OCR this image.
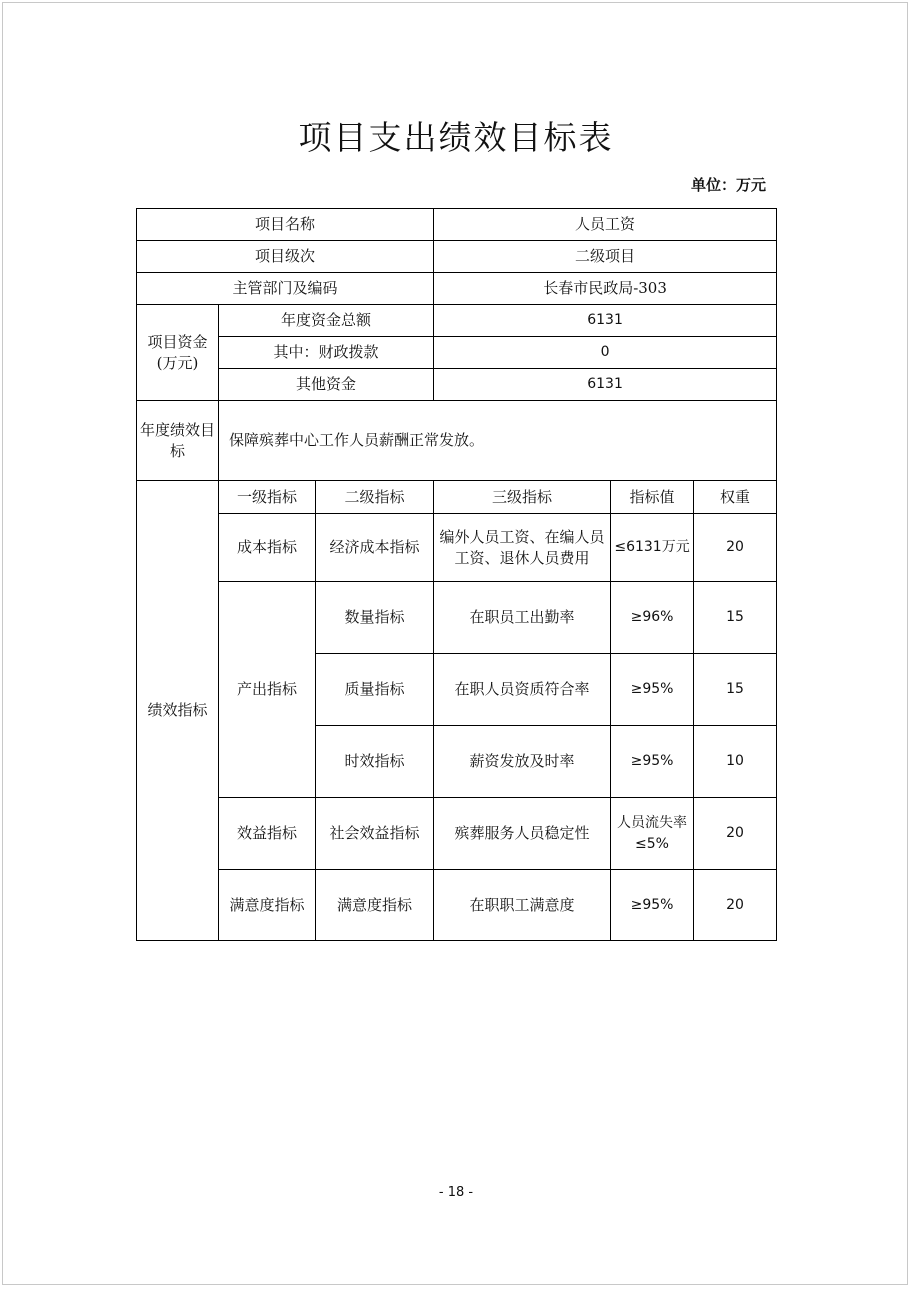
项目支出绩效目标表
单位：万元
项目名称			人员工资		
项目级次			二级项目		
主管部门及编码			长春市民政局-303		
项目资金(万元)	年度资金总额		6131		
	其中：财政拨款		0		
	其他资金		6131		
年度绩效目标	保障殡葬中心工作人员薪酬正常发放。				
绩效指标	一级指标	二级指标	三级指标	指标值	权重
	成本指标	经济成本指标	编外人员工资、在编人员工资、退休人员费用	≤6131万元	20
	产出指标	数量指标	在职员工出勤率	≥96%	15
		质量指标	在职人员资质符合率	≥95%	15
		时效指标	薪资发放及时率	≥95%	10
	效益指标	社会效益指标	殡葬服务人员稳定性	人员流失率≤5%	20
	满意度指标	满意度指标	在职职工满意度	≥95%	20
- 18 -
